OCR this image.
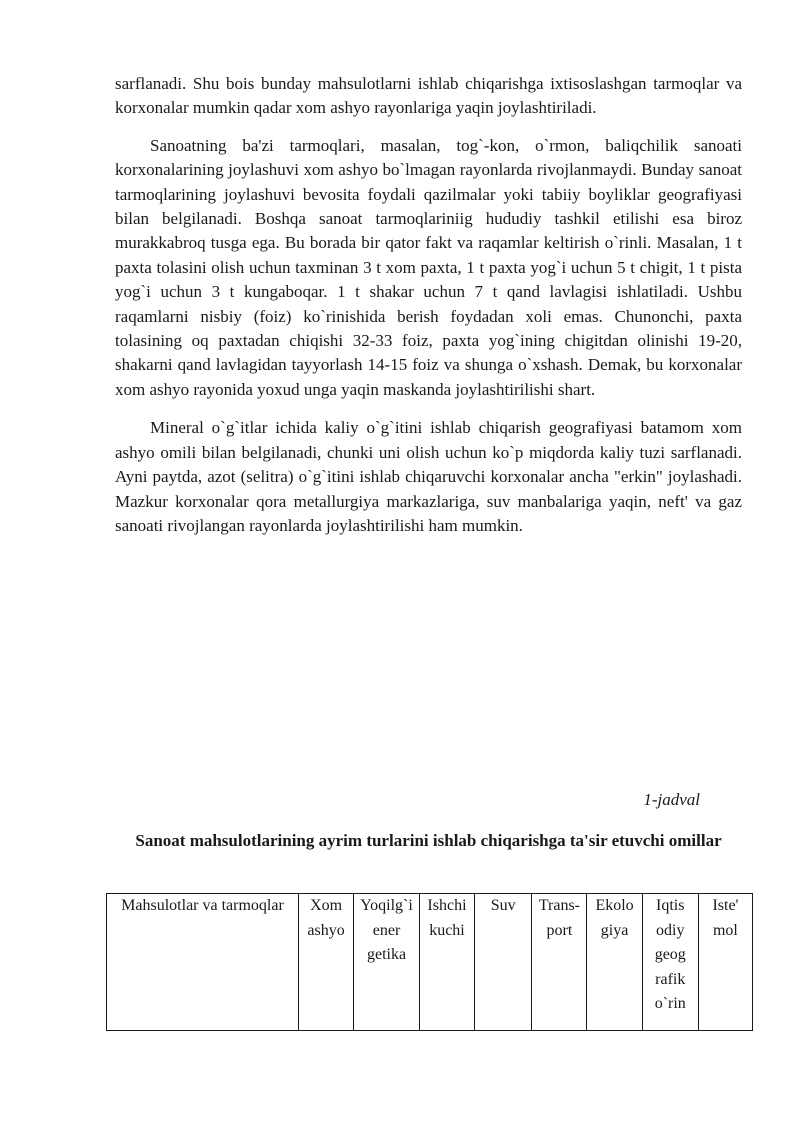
sarflanadi. Shu bois bunday mahsulotlarni ishlab chiqarishga ixtisoslashgan tarmoqlar va korxonalar mumkin qadar xom ashyo rayonlariga yaqin joylashtiriladi.

Sanoatning ba'zi tarmoqlari, masalan, tog`-kon, o`rmon, baliqchilik sanoati korxonalarining joylashuvi xom ashyo bo`lmagan rayonlarda rivojlanmaydi. Bunday sanoat tarmoqlarining joylashuvi bevosita foydali qazilmalar yoki tabiiy boyliklar geografiyasi bilan belgilanadi. Boshqa sanoat tarmoqlariniig hududiy tashkil etilishi esa biroz murakkabroq tusga ega. Bu borada bir qator fakt va raqamlar keltirish o`rinli. Masalan, 1 t paxta tolasini olish uchun taxminan 3 t xom paxta, 1 t paxta yog`i uchun 5 t chigit, 1 t pista yog`i uchun 3 t kungaboqar. 1 t shakar uchun 7 t qand lavlagisi ishlatiladi. Ushbu raqamlarni nisbiy (foiz) ko`rinishida berish foydadan xoli emas. Chunonchi, paxta tolasining oq paxtadan chiqishi 32-33 foiz, paxta yog`ining chigitdan olinishi 19-20, shakarni qand lavlagidan tayyorlash 14-15 foiz va shunga o`xshash. Demak, bu korxonalar xom ashyo rayonida yoxud unga yaqin maskanda joylashtirilishi shart.

Mineral o`g`itlar ichida kaliy o`g`itini ishlab chiqarish geografiyasi batamom xom ashyo omili bilan belgilanadi, chunki uni olish uchun ko`p miqdorda kaliy tuzi sarflanadi. Ayni paytda, azot (selitra) o`g`itini ishlab chiqaruvchi korxonalar ancha "erkin" joylashadi. Mazkur korxonalar qora metallurgiya markazlariga, suv manbalariga yaqin, neft' va gaz sanoati rivojlangan rayonlarda joylashtirilishi ham mumkin.

1-jadval
Sanoat mahsulotlarining ayrim turlarini ishlab chiqarishga ta'sir etuvchi omillar
Mahsulotlar va tarmoqlar	Xom ashyo	Yoqilg`i ener getika	Ishchi kuchi	Suv	Trans-port	Ekolo giya	Iqtis odiy geog rafik o`rin	Iste' mol
